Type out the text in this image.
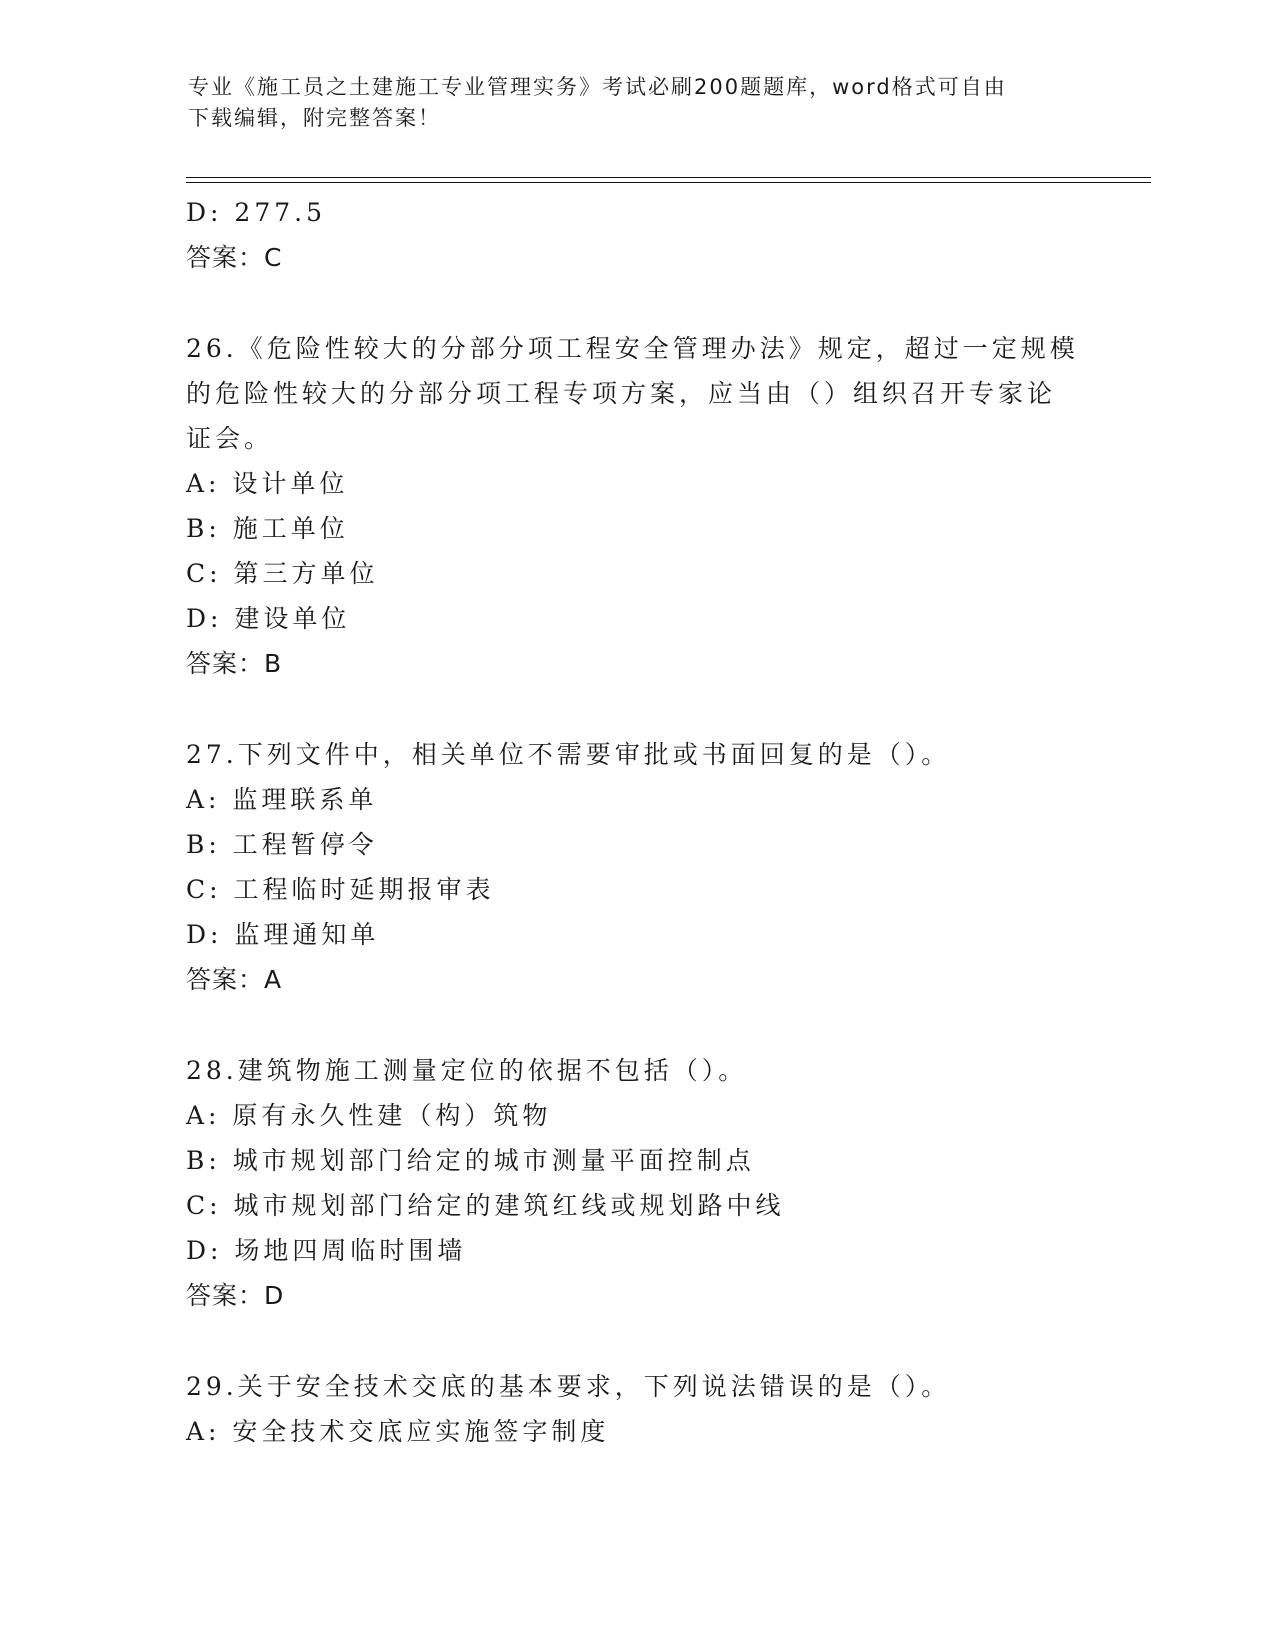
专业《施工员之土建施工专业管理实务》考试必刷200题题库，word格式可自由
下载编辑，附完整答案！
D: 277.5
答案：C
26.《危险性较大的分部分项工程安全管理办法》规定，超过一定规模
的危险性较大的分部分项工程专项方案，应当由（）组织召开专家论
证会。
A: 设计单位
B: 施工单位
C: 第三方单位
D: 建设单位
答案：B
27.下列文件中，相关单位不需要审批或书面回复的是（）。
A: 监理联系单
B: 工程暂停令
C: 工程临时延期报审表
D: 监理通知单
答案：A
28.建筑物施工测量定位的依据不包括（）。
A: 原有永久性建（构）筑物
B: 城市规划部门给定的城市测量平面控制点
C: 城市规划部门给定的建筑红线或规划路中线
D: 场地四周临时围墙
答案：D
29.关于安全技术交底的基本要求，下列说法错误的是（）。
A: 安全技术交底应实施签字制度
